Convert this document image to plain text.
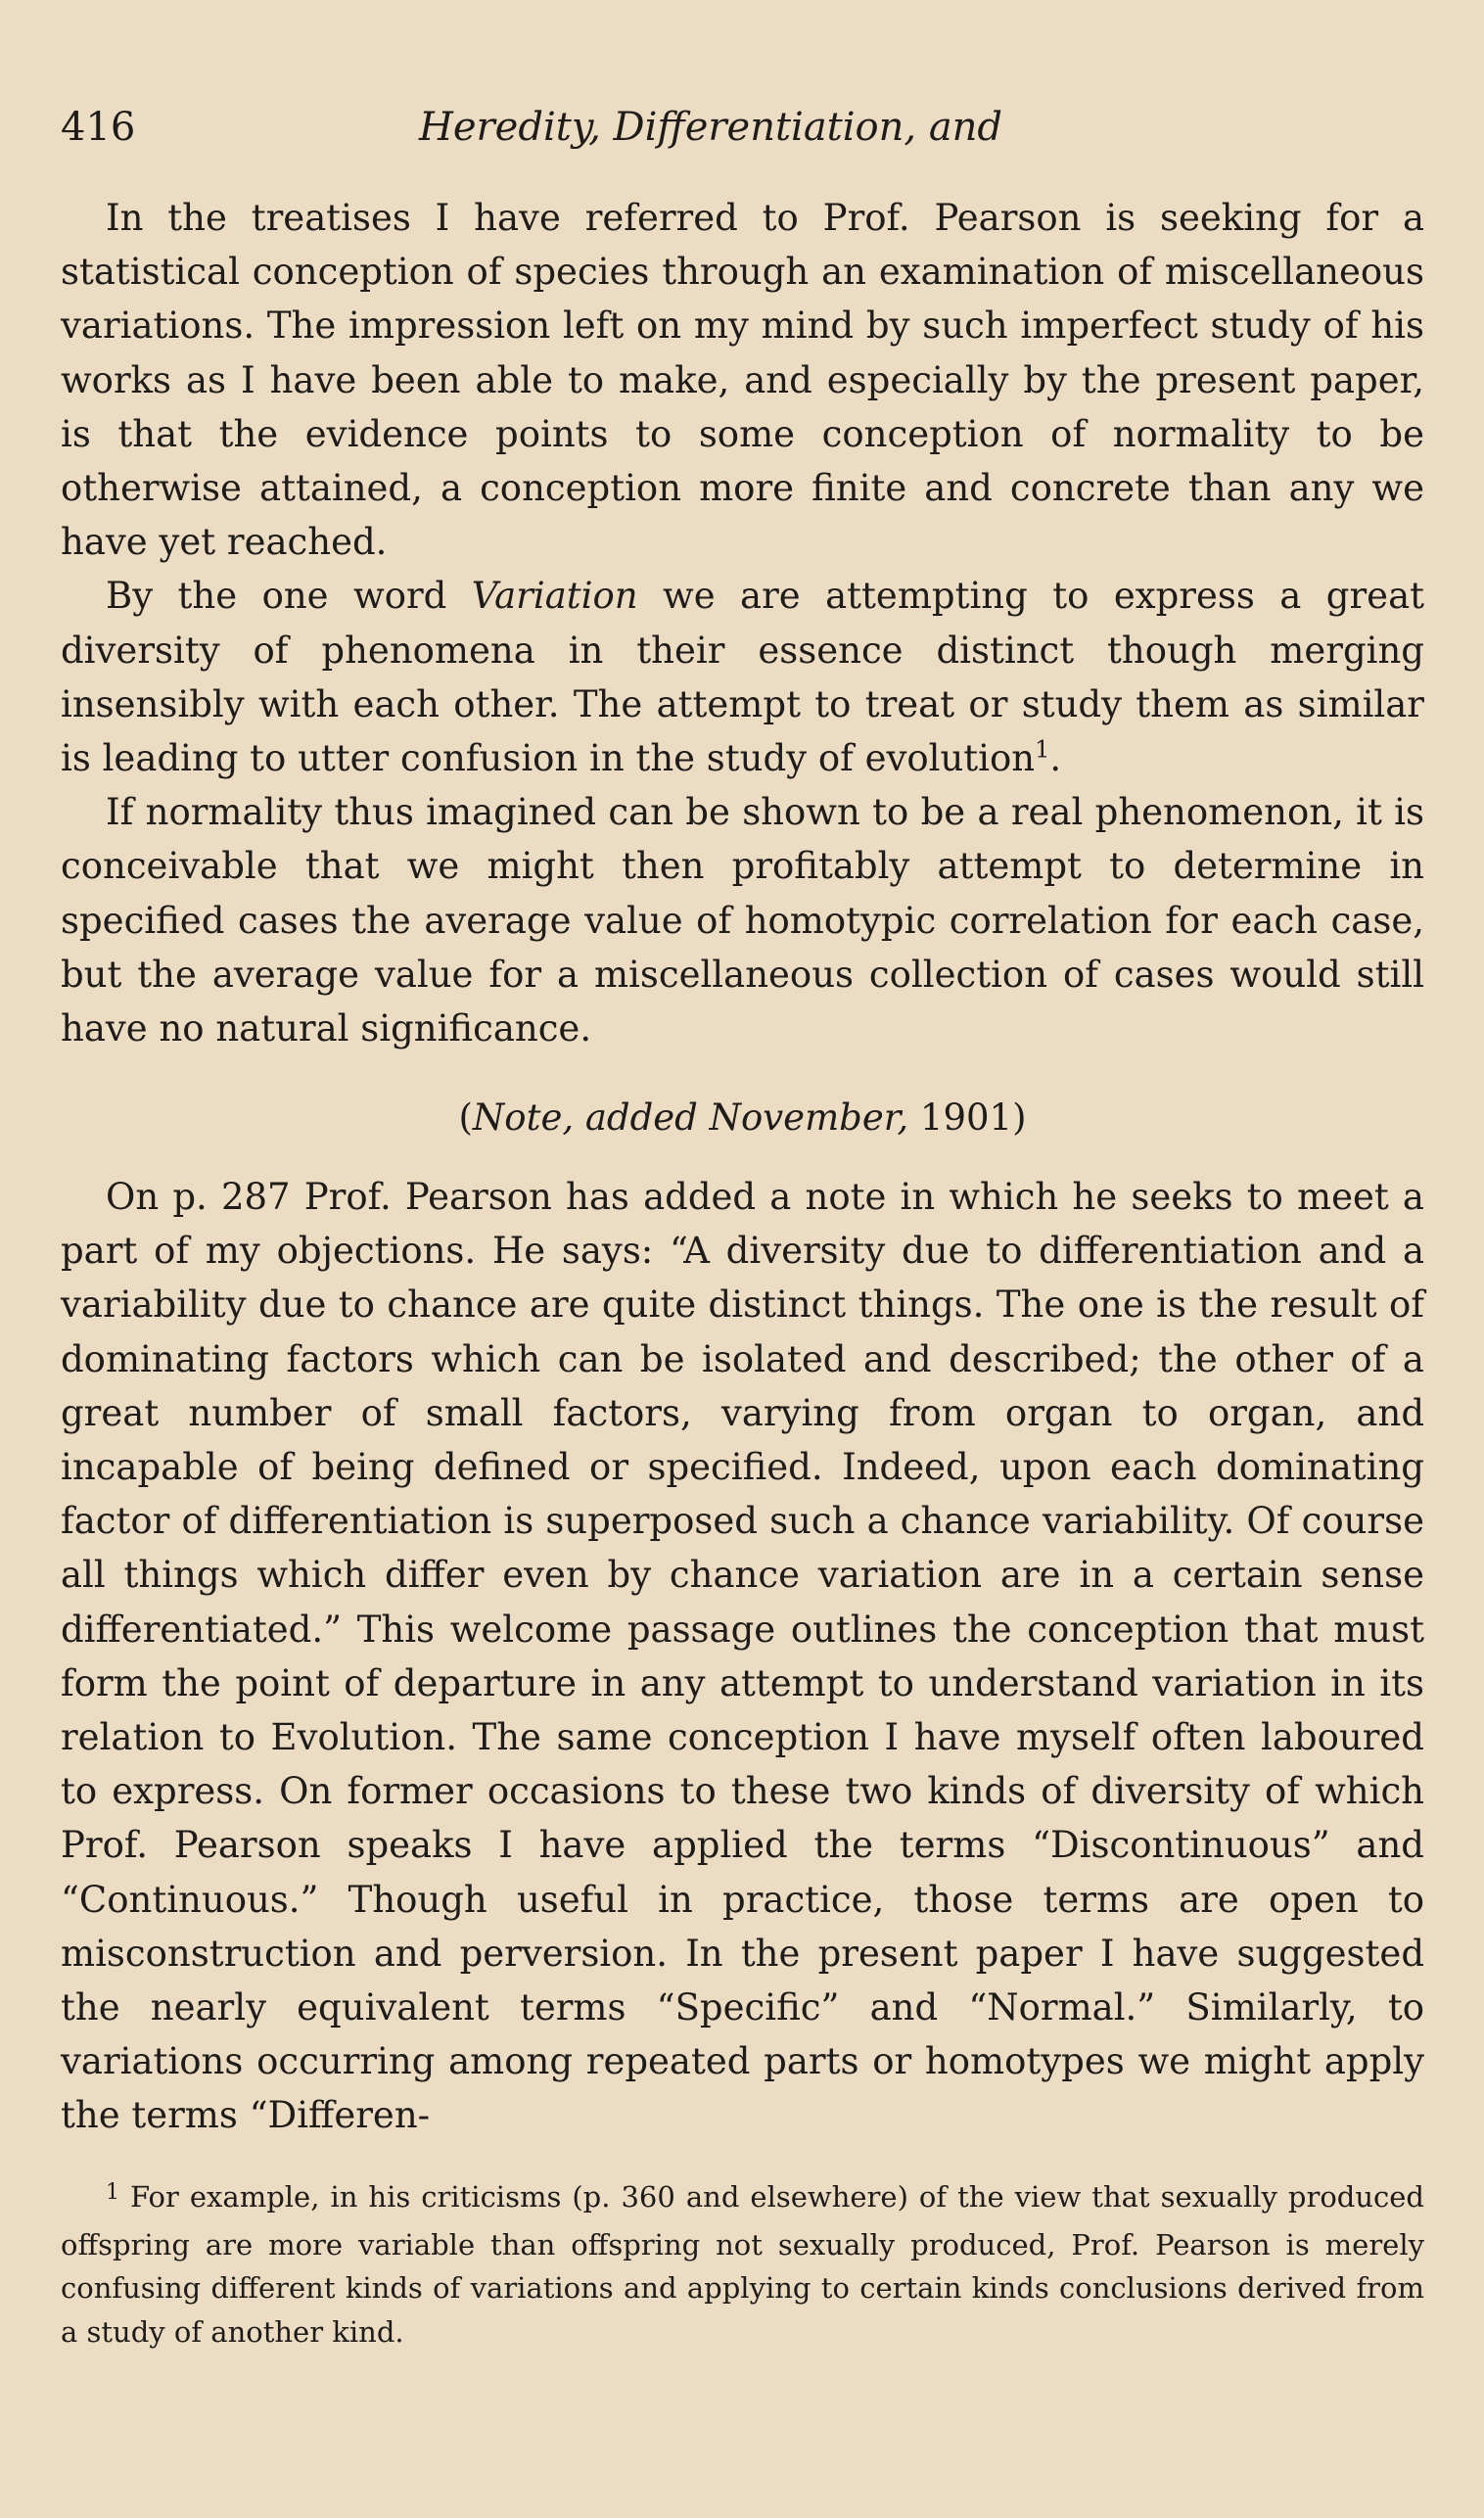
416	Heredity, Differentiation, and

In the treatises I have referred to Prof. Pearson is seeking for a statistical conception of species through an examination of miscellaneous variations. The impression left on my mind by such imperfect study of his works as I have been able to make, and especially by the present paper, is that the evidence points to some conception of normality to be otherwise attained, a conception more finite and concrete than any we have yet reached.

By the one word Variation we are attempting to express a great diversity of phenomena in their essence distinct though merging insensibly with each other. The attempt to treat or study them as similar is leading to utter confusion in the study of evolution$^1$.

If normality thus imagined can be shown to be a real phenomenon, it is conceivable that we might then profitably attempt to determine in specified cases the average value of homotypic correlation for each case, but the average value for a miscellaneous collection of cases would still have no natural significance.

(Note, added November, 1901)

On p. 287 Prof. Pearson has added a note in which he seeks to meet a part of my objections. He says: “A diversity due to differentiation and a variability due to chance are quite distinct things. The one is the result of dominating factors which can be isolated and described; the other of a great number of small factors, varying from organ to organ, and incapable of being defined or specified. Indeed, upon each dominating factor of differentiation is superposed such a chance variability. Of course all things which differ even by chance variation are in a certain sense differentiated.” This welcome passage outlines the conception that must form the point of departure in any attempt to understand variation in its relation to Evolution. The same conception I have myself often laboured to express. On former occasions to these two kinds of diversity of which Prof. Pearson speaks I have applied the terms “Discontinuous” and “Continuous.” Though useful in practice, those terms are open to misconstruction and perversion. In the present paper I have suggested the nearly equivalent terms “Specific” and “Normal.” Similarly, to variations occurring among repeated parts or homotypes we might apply the terms “Differen-

$^1$ For example, in his criticisms (p. 360 and elsewhere) of the view that sexually produced offspring are more variable than offspring not sexually produced, Prof. Pearson is merely confusing different kinds of variations and applying to certain kinds conclusions derived from a study of another kind.
